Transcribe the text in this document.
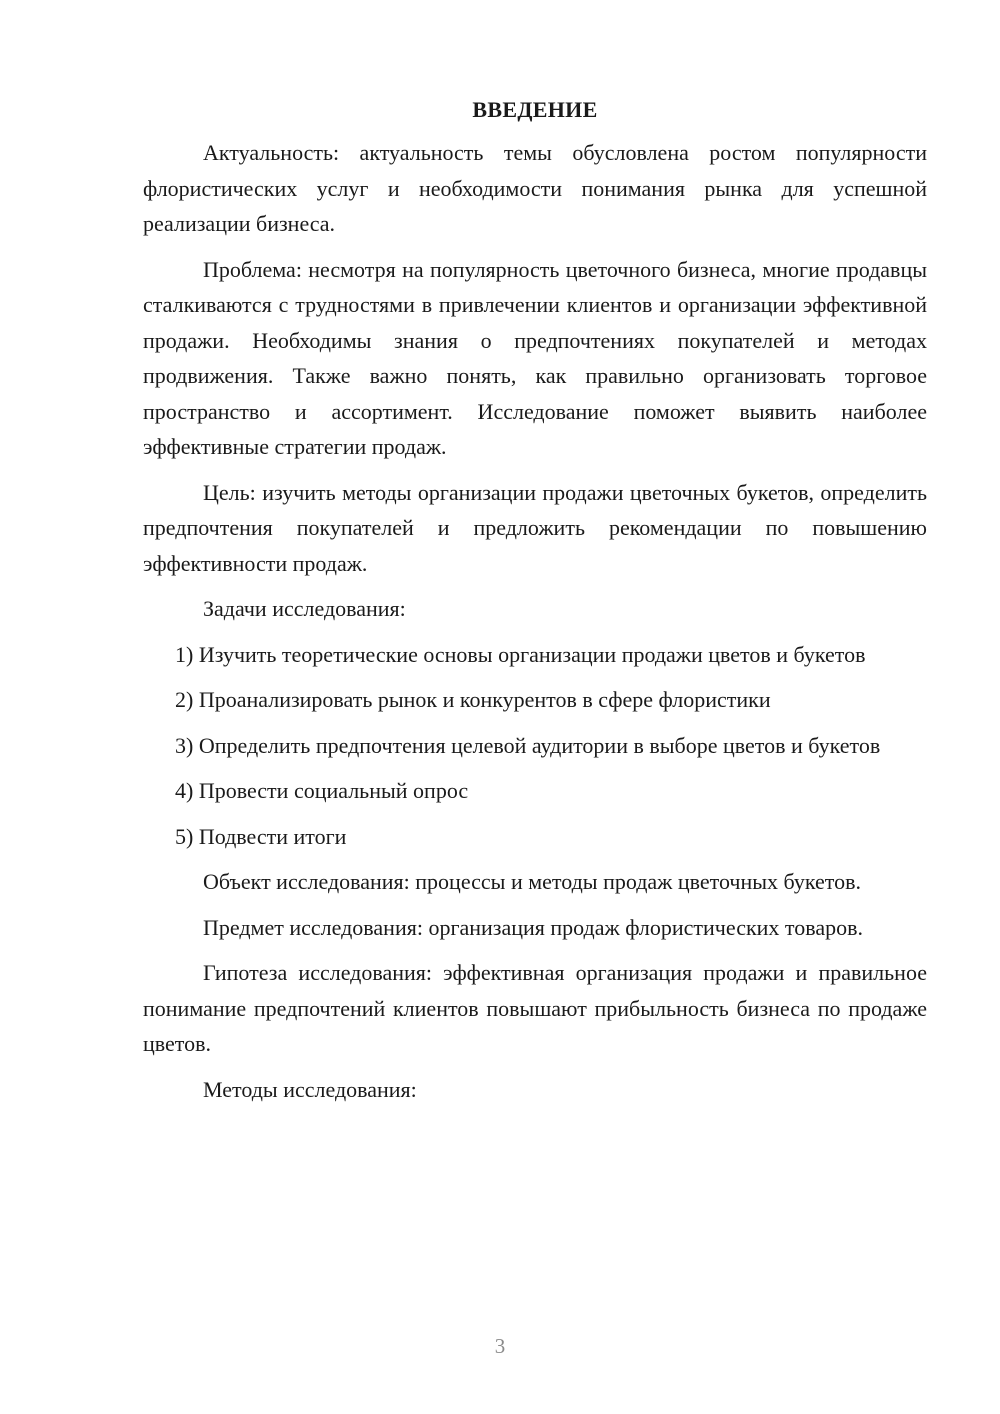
ВВЕДЕНИЕ

Актуальность: актуальность темы обусловлена ростом популярности флористических услуг и необходимости понимания рынка для успешной реализации бизнеса.

Проблема: несмотря на популярность цветочного бизнеса, многие продавцы сталкиваются с трудностями в привлечении клиентов и организации эффективной продажи. Необходимы знания о предпочтениях покупателей и методах продвижения. Также важно понять, как правильно организовать торговое пространство и ассортимент. Исследование поможет выявить наиболее эффективные стратегии продаж.

Цель: изучить методы организации продажи цветочных букетов, определить предпочтения покупателей и предложить рекомендации по повышению эффективности продаж.

Задачи исследования:

1) Изучить теоретические основы организации продажи цветов и букетов

2) Проанализировать рынок и конкурентов в сфере флористики

3) Определить предпочтения целевой аудитории в выборе цветов и букетов

4) Провести социальный опрос

5) Подвести итоги

Объект исследования: процессы и методы продаж цветочных букетов.

Предмет исследования: организация продаж флористических товаров.

Гипотеза исследования: эффективная организация продажи и правильное понимание предпочтений клиентов повышают прибыльность бизнеса по продаже цветов.

Методы исследования:

3
